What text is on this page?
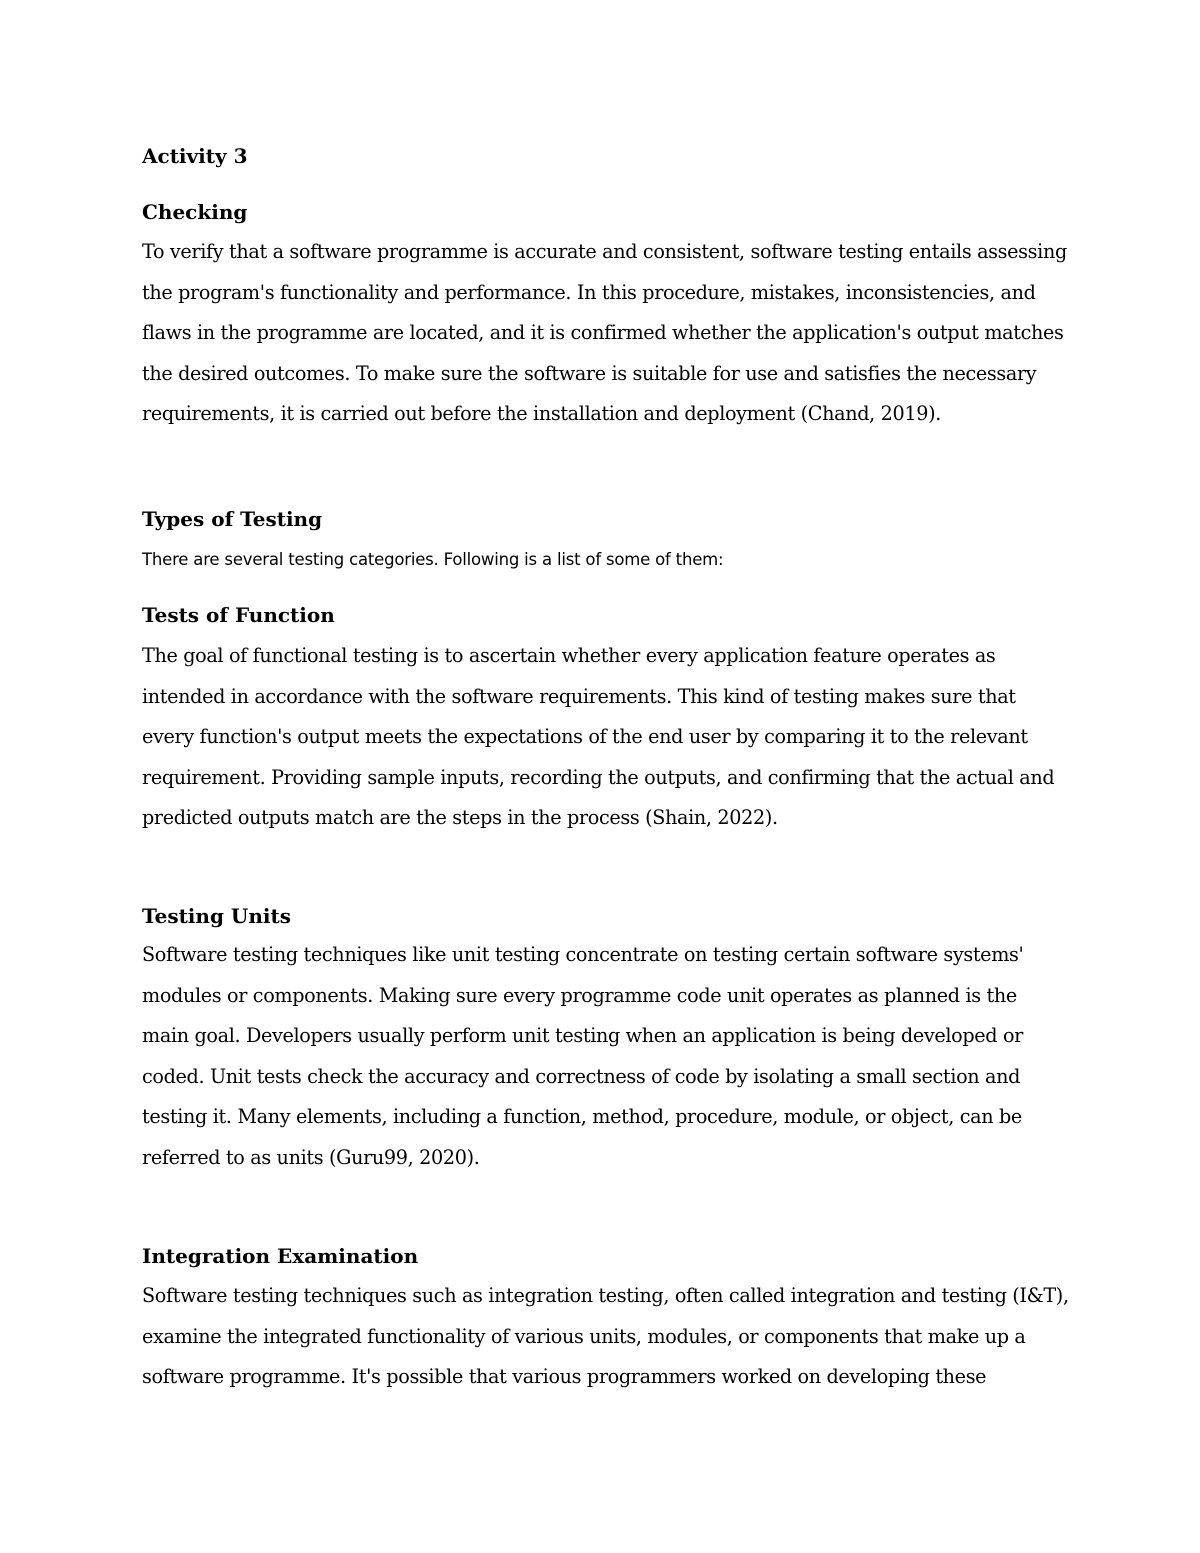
Activity 3
Checking
To verify that a software programme is accurate and consistent, software testing entails assessing
the program's functionality and performance. In this procedure, mistakes, inconsistencies, and
flaws in the programme are located, and it is confirmed whether the application's output matches
the desired outcomes. To make sure the software is suitable for use and satisfies the necessary
requirements, it is carried out before the installation and deployment (Chand, 2019).
Types of Testing

There are several testing categories. Following is a list of some of them:

Tests of Function
The goal of functional testing is to ascertain whether every application feature operates as
intended in accordance with the software requirements. This kind of testing makes sure that
every function's output meets the expectations of the end user by comparing it to the relevant
requirement. Providing sample inputs, recording the outputs, and confirming that the actual and
predicted outputs match are the steps in the process (Shain, 2022).
Testing Units
Software testing techniques like unit testing concentrate on testing certain software systems'
modules or components. Making sure every programme code unit operates as planned is the
main goal. Developers usually perform unit testing when an application is being developed or
coded. Unit tests check the accuracy and correctness of code by isolating a small section and
testing it. Many elements, including a function, method, procedure, module, or object, can be
referred to as units (Guru99, 2020).
Integration Examination
Software testing techniques such as integration testing, often called integration and testing (I&T),
examine the integrated functionality of various units, modules, or components that make up a
software programme. It's possible that various programmers worked on developing these
